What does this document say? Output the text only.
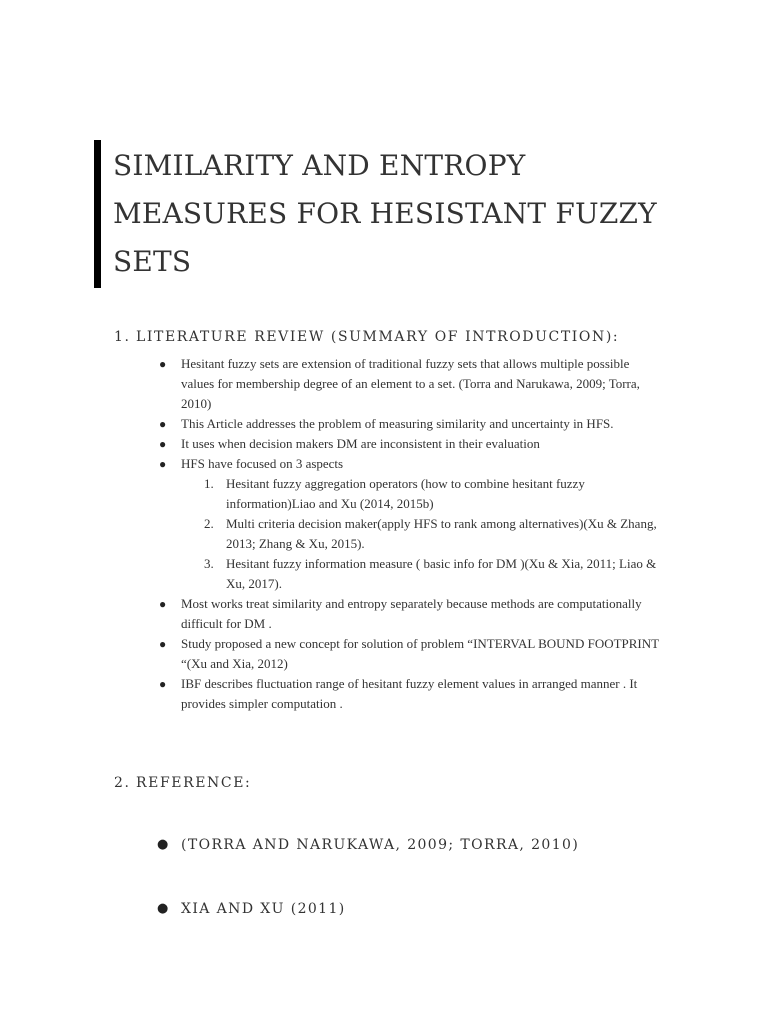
SIMILARITY AND ENTROPY
MEASURES FOR HESISTANT FUZZY
SETS
1. LITERATURE REVIEW (SUMMARY OF INTRODUCTION):
● Hesitant fuzzy sets are extension of traditional fuzzy sets that allows multiple possible values for membership degree of an element to a set. (Torra and Narukawa, 2009; Torra, 2010)
● This Article addresses the problem of measuring similarity and uncertainty in HFS.
● It uses when decision makers DM are inconsistent in their evaluation
● HFS have focused on 3 aspects
1. Hesitant fuzzy aggregation operators (how to combine hesitant fuzzy information)Liao and Xu (2014, 2015b)
2. Multi criteria decision maker(apply HFS to rank among alternatives)(Xu & Zhang, 2013; Zhang & Xu, 2015).
3. Hesitant fuzzy information measure ( basic info for DM )(Xu & Xia, 2011; Liao & Xu, 2017).
● Most works treat similarity and entropy separately because methods are computationally difficult for DM .
● Study proposed a new concept for solution of problem “INTERVAL BOUND FOOTPRINT “(Xu and Xia, 2012)
● IBF describes fluctuation range of hesitant fuzzy element values in arranged manner . It provides simpler computation .
2. REFERENCE:
● (TORRA AND NARUKAWA, 2009; TORRA, 2010)
● XIA AND XU (2011)
